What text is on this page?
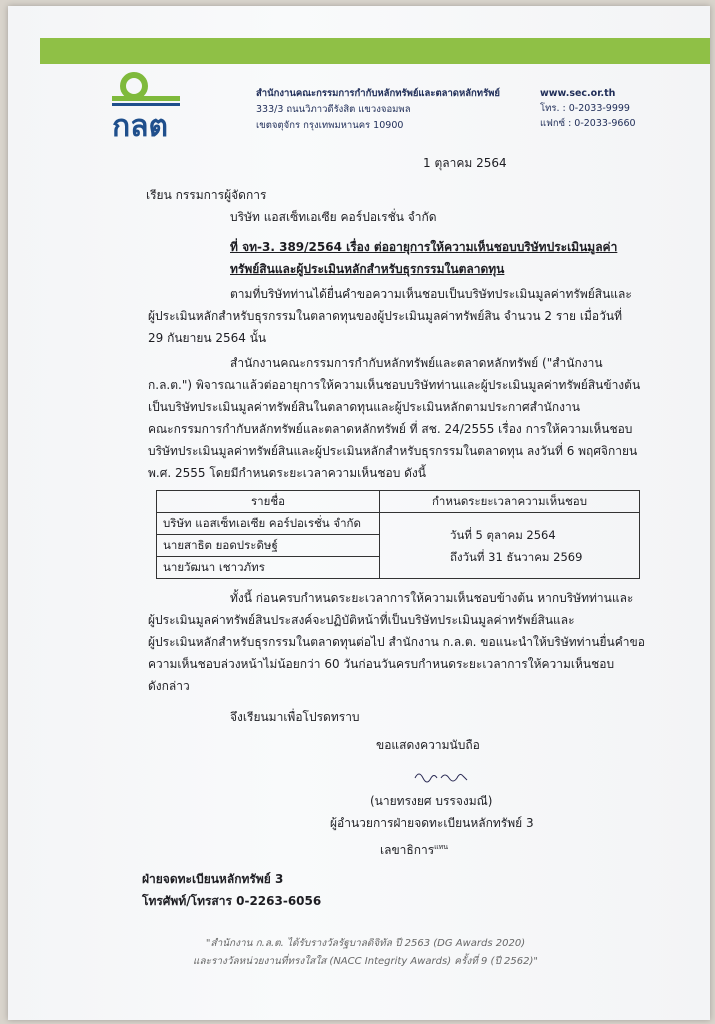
กลต
สำนักงานคณะกรรมการกำกับหลักทรัพย์และตลาดหลักทรัพย์
333/3 ถนนวิภาวดีรังสิต แขวงจอมพล
เขตจตุจักร กรุงเทพมหานคร 10900
www.sec.or.th
โทร. : 0-2033-9999
แฟกซ์ : 0-2033-9660
1 ตุลาคม 2564
เรียน กรรมการผู้จัดการ
บริษัท แอสเซ็ทเอเซีย คอร์ปอเรชั่น จำกัด
ที่ จท-3. 389/2564 เรื่อง ต่ออายุการให้ความเห็นชอบบริษัทประเมินมูลค่า
ทรัพย์สินและผู้ประเมินหลักสำหรับธุรกรรมในตลาดทุน
ตามที่บริษัทท่านได้ยื่นคำขอความเห็นชอบเป็นบริษัทประเมินมูลค่าทรัพย์สินและ
ผู้ประเมินหลักสำหรับธุรกรรมในตลาดทุนของผู้ประเมินมูลค่าทรัพย์สิน จำนวน 2 ราย เมื่อวันที่
29 กันยายน 2564 นั้น
สำนักงานคณะกรรมการกำกับหลักทรัพย์และตลาดหลักทรัพย์ ("สำนักงาน
ก.ล.ต.") พิจารณาแล้วต่ออายุการให้ความเห็นชอบบริษัทท่านและผู้ประเมินมูลค่าทรัพย์สินข้างต้น
เป็นบริษัทประเมินมูลค่าทรัพย์สินในตลาดทุนและผู้ประเมินหลักตามประกาศสำนักงาน
คณะกรรมการกำกับหลักทรัพย์และตลาดหลักทรัพย์ ที่ สช. 24/2555 เรื่อง การให้ความเห็นชอบ
บริษัทประเมินมูลค่าทรัพย์สินและผู้ประเมินหลักสำหรับธุรกรรมในตลาดทุน ลงวันที่ 6 พฤศจิกายน
พ.ศ. 2555 โดยมีกำหนดระยะเวลาความเห็นชอบ ดังนี้
รายชื่อ	กำหนดระยะเวลาความเห็นชอบ
บริษัท แอสเซ็ทเอเซีย คอร์ปอเรชั่น จำกัด	วันที่ 5 ตุลาคม 2564
ถึงวันที่ 31 ธันวาคม 2569

นายสาธิต ยอดประดิษฐ์	
นายวัฒนา เชาวภัทร	
ทั้งนี้ ก่อนครบกำหนดระยะเวลาการให้ความเห็นชอบข้างต้น หากบริษัทท่านและ
ผู้ประเมินมูลค่าทรัพย์สินประสงค์จะปฏิบัติหน้าที่เป็นบริษัทประเมินมูลค่าทรัพย์สินและ
ผู้ประเมินหลักสำหรับธุรกรรมในตลาดทุนต่อไป สำนักงาน ก.ล.ต. ขอแนะนำให้บริษัทท่านยื่นคำขอ
ความเห็นชอบล่วงหน้าไม่น้อยกว่า 60 วันก่อนวันครบกำหนดระยะเวลาการให้ความเห็นชอบ
ดังกล่าว
จึงเรียนมาเพื่อโปรดทราบ
ขอแสดงความนับถือ
(นายทรงยศ บรรจงมณี)
ผู้อำนวยการฝ่ายจดทะเบียนหลักทรัพย์ 3
เลขาธิการ$^{แทน}$
ฝ่ายจดทะเบียนหลักทรัพย์ 3
โทรศัพท์/โทรสาร 0-2263-6056
"สำนักงาน ก.ล.ต. ได้รับรางวัลรัฐบาลดิจิทัล ปี 2563 (DG Awards 2020)
และรางวัลหน่วยงานที่ทรงใสใส (NACC Integrity Awards) ครั้งที่ 9 (ปี 2562)"
